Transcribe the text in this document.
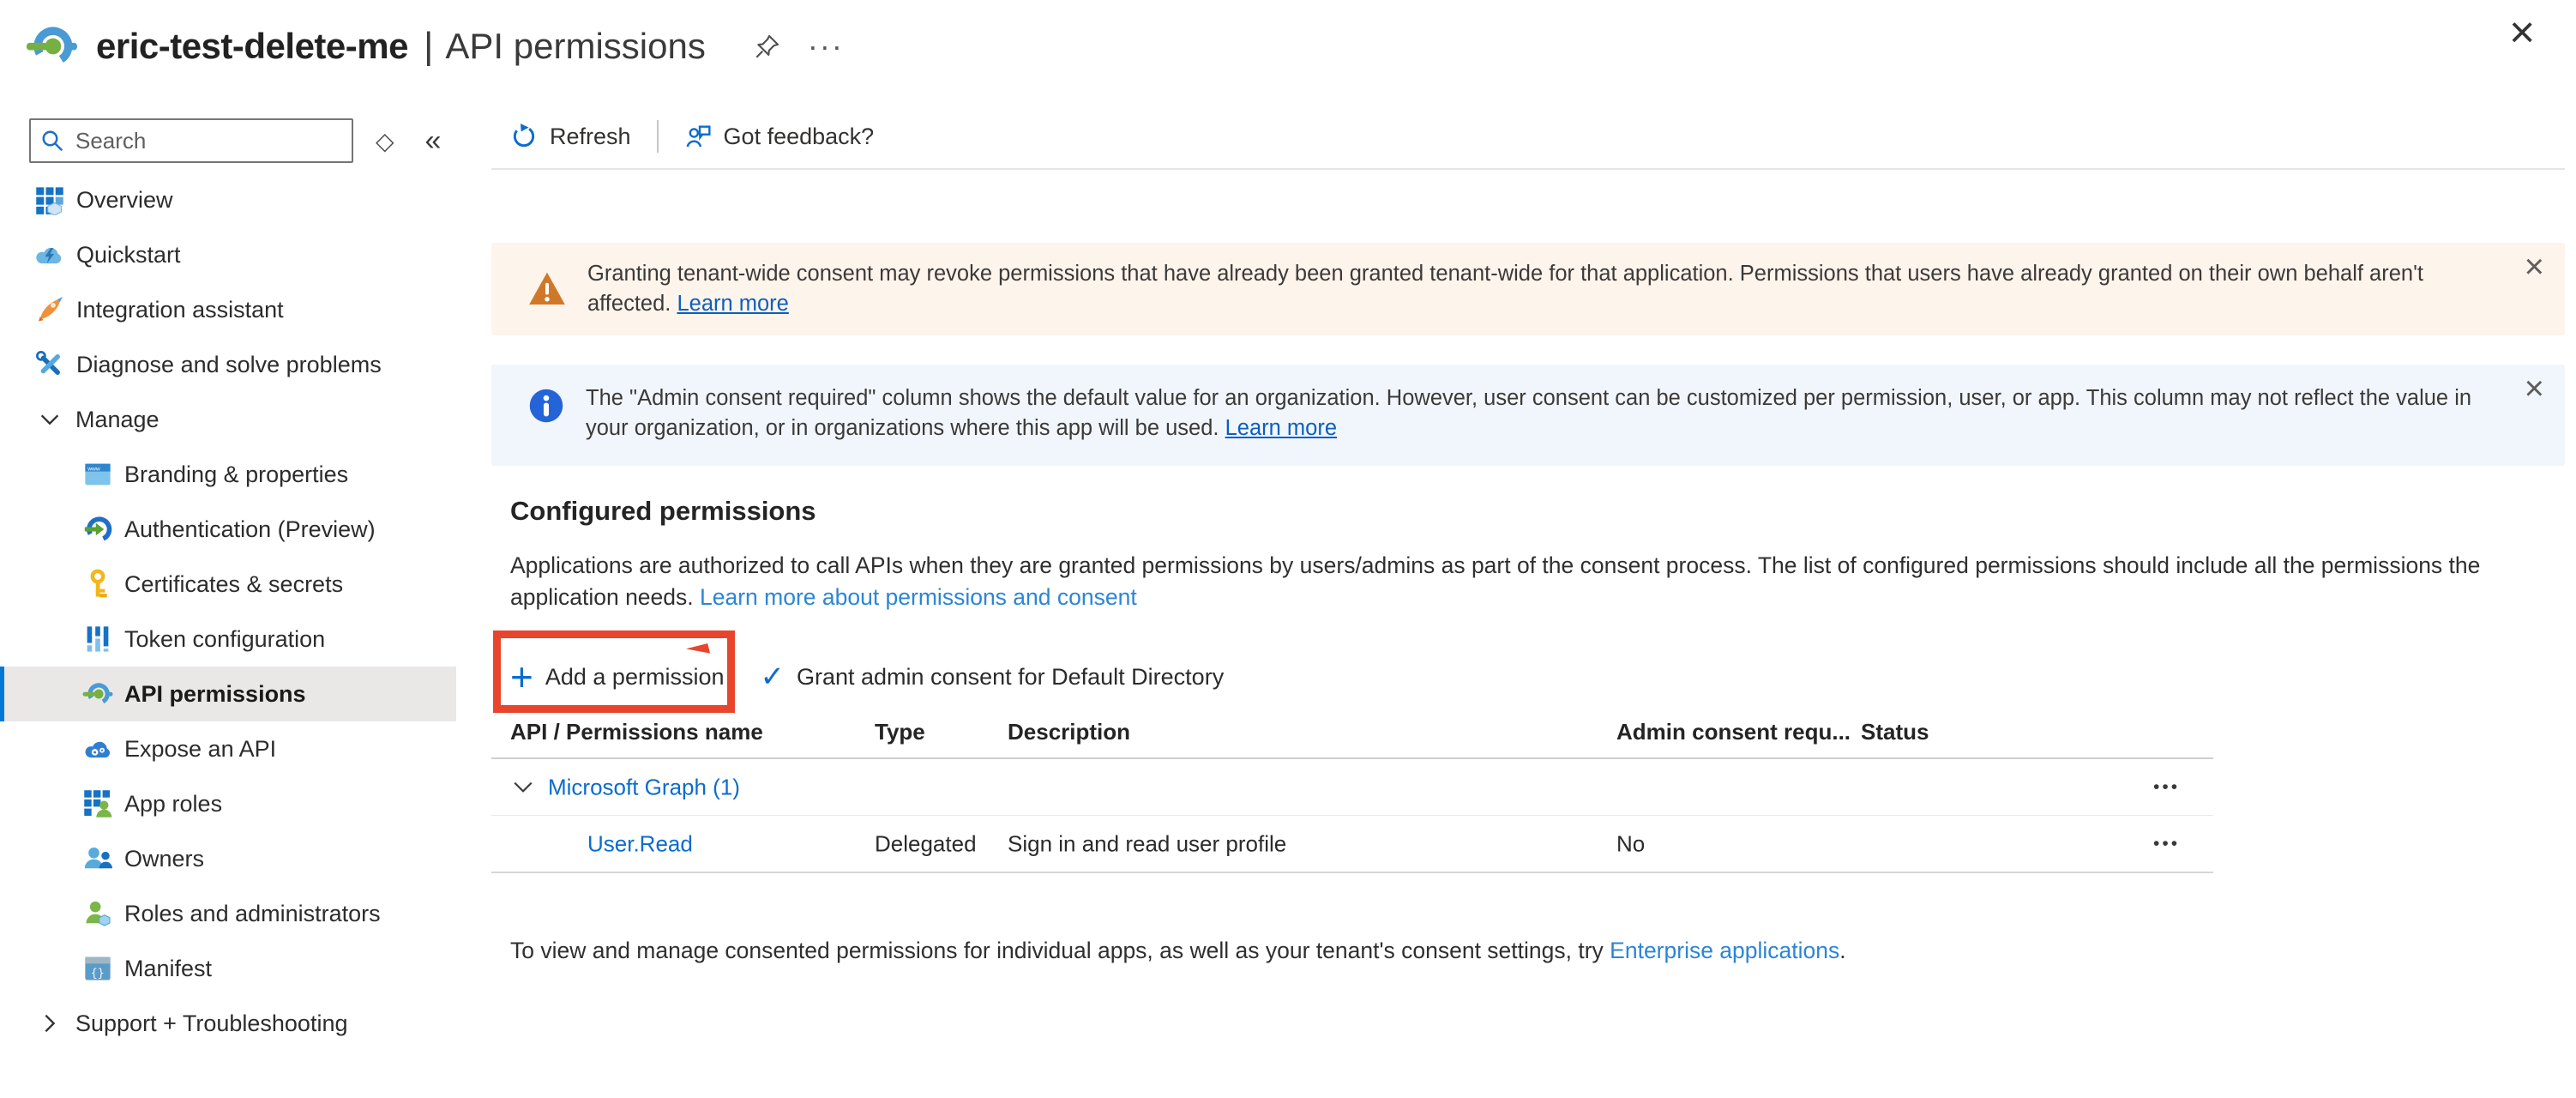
eric-test-delete-me | API permissions	···	×
Search
◇ «
Overview
Quickstart
Integration assistant
Diagnose and solve problems
Manage
www Branding & properties
Authentication (Preview)
Certificates & secrets
Token configuration
API permissions
Expose an API
App roles
Owners
Roles and administrators
{} Manifest
Support + Troubleshooting
Refresh	Got feedback?
Granting tenant-wide consent may revoke permissions that have already been granted tenant-wide for that application. Permissions that users have already granted on their own behalf aren't affected. Learn more
×
The "Admin consent required" column shows the default value for an organization. However, user consent can be customized per permission, user, or app. This column may not reflect the value in your organization, or in organizations where this app will be used. Learn more
×
Configured permissions
Applications are authorized to call APIs when they are granted permissions by users/admins as part of the consent process. The list of configured permissions should include all the permissions the application needs. Learn more about permissions and consent
+ Add a permission ✓ Grant admin consent for Default Directory
API / Permissions name	Type	Description	Admin consent requ... Status
Microsoft Graph (1)	•••
User.Read	Delegated Sign in and read user profile	No	•••
To view and manage consented permissions for individual apps, as well as your tenant's consent settings, try Enterprise applications.
